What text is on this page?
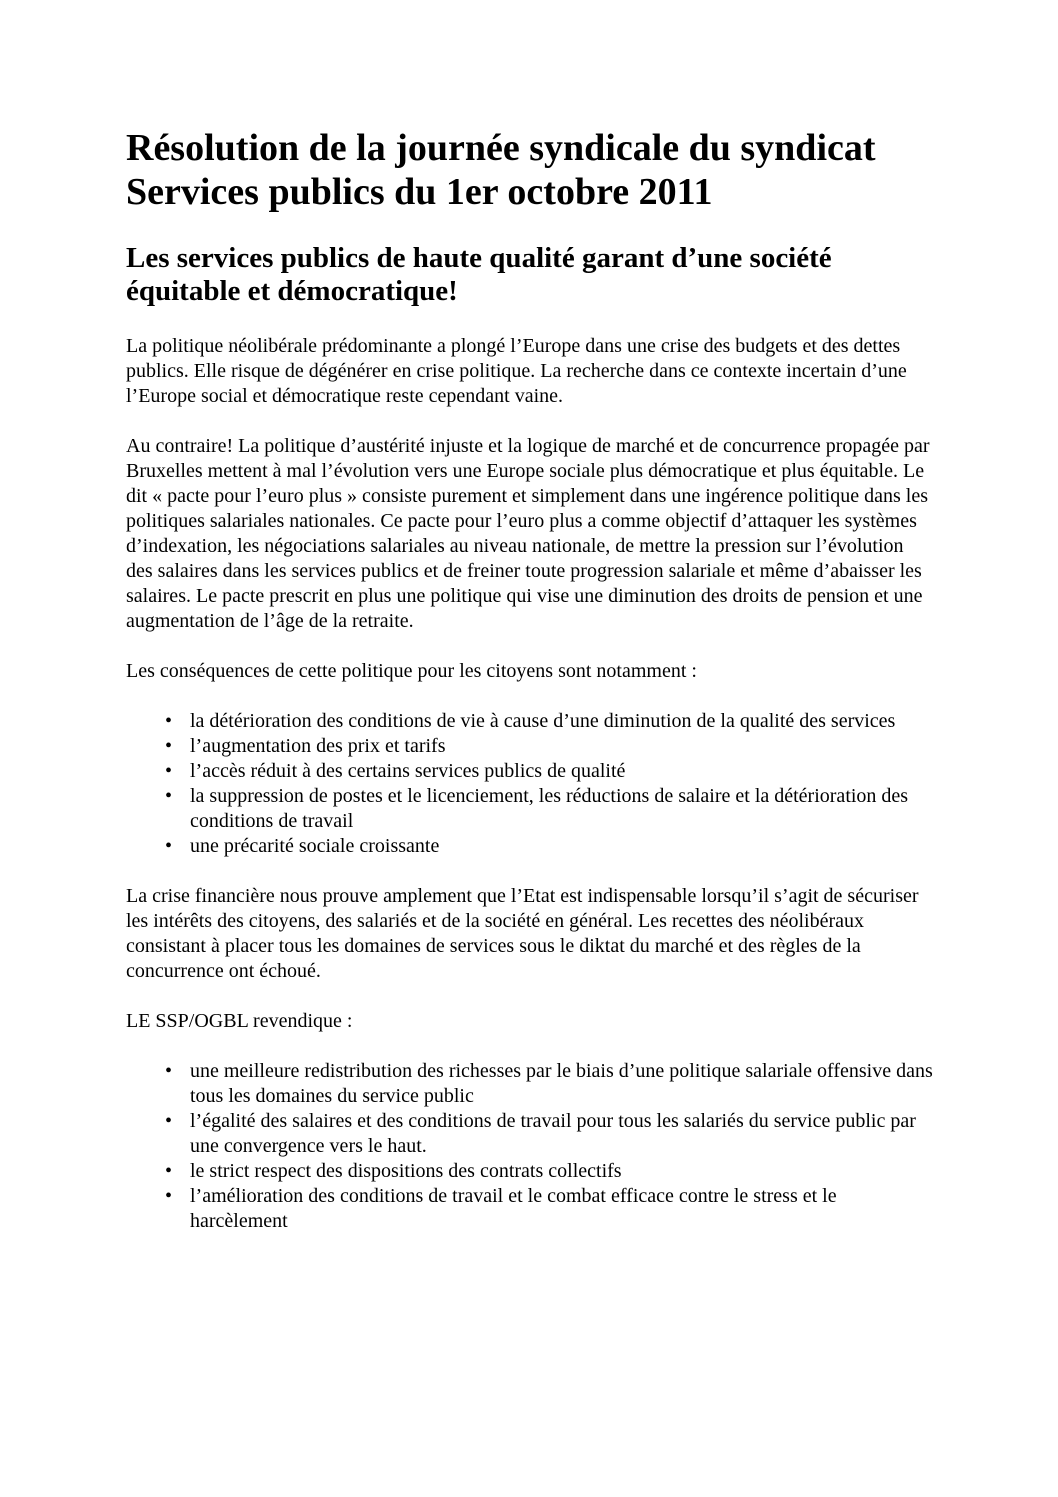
Résolution de la journée syndicale du syndicat Services publics du 1er octobre 2011
Les services publics de haute qualité garant d’une société équitable et démocratique!

La politique néolibérale prédominante a plongé l’Europe dans une crise des budgets et des dettes publics. Elle risque de dégénérer en crise politique. La recherche dans ce contexte incertain d’une l’Europe social et démocratique reste cependant vaine.

Au contraire! La politique d’austérité injuste et la logique de marché et de concurrence propagée par Bruxelles mettent à mal l’évolution vers une Europe sociale plus démocratique et plus équitable. Le dit « pacte pour l’euro plus » consiste purement et simplement dans une ingérence politique dans les politiques salariales nationales. Ce pacte pour l’euro plus a comme objectif d’attaquer les systèmes d’indexation, les négociations salariales au niveau nationale, de mettre la pression sur l’évolution des salaires dans les services publics et de freiner toute progression salariale et même d’abaisser les salaires. Le pacte prescrit en plus une politique qui vise une diminution des droits de pension et une augmentation de l’âge de la retraite.

Les conséquences de cette politique pour les citoyens sont notamment :

• la détérioration des conditions de vie à cause d’une diminution de la qualité des services
• l’augmentation des prix et tarifs
• l’accès réduit à des certains services publics de qualité
• la suppression de postes et le licenciement, les réductions de salaire et la détérioration des conditions de travail
• une précarité sociale croissante

La crise financière nous prouve amplement que l’Etat est indispensable lorsqu’il s’agit de sécuriser les intérêts des citoyens, des salariés et de la société en général. Les recettes des néolibéraux consistant à placer tous les domaines de services sous le diktat du marché et des règles de la concurrence ont échoué.

LE SSP/OGBL revendique :

• une meilleure redistribution des richesses par le biais d’une politique salariale offensive dans tous les domaines du service public
• l’égalité des salaires et des conditions de travail pour tous les salariés du service public par une convergence vers le haut.
• le strict respect des dispositions des contrats collectifs
• l’amélioration des conditions de travail et le combat efficace contre le stress et le harcèlement
